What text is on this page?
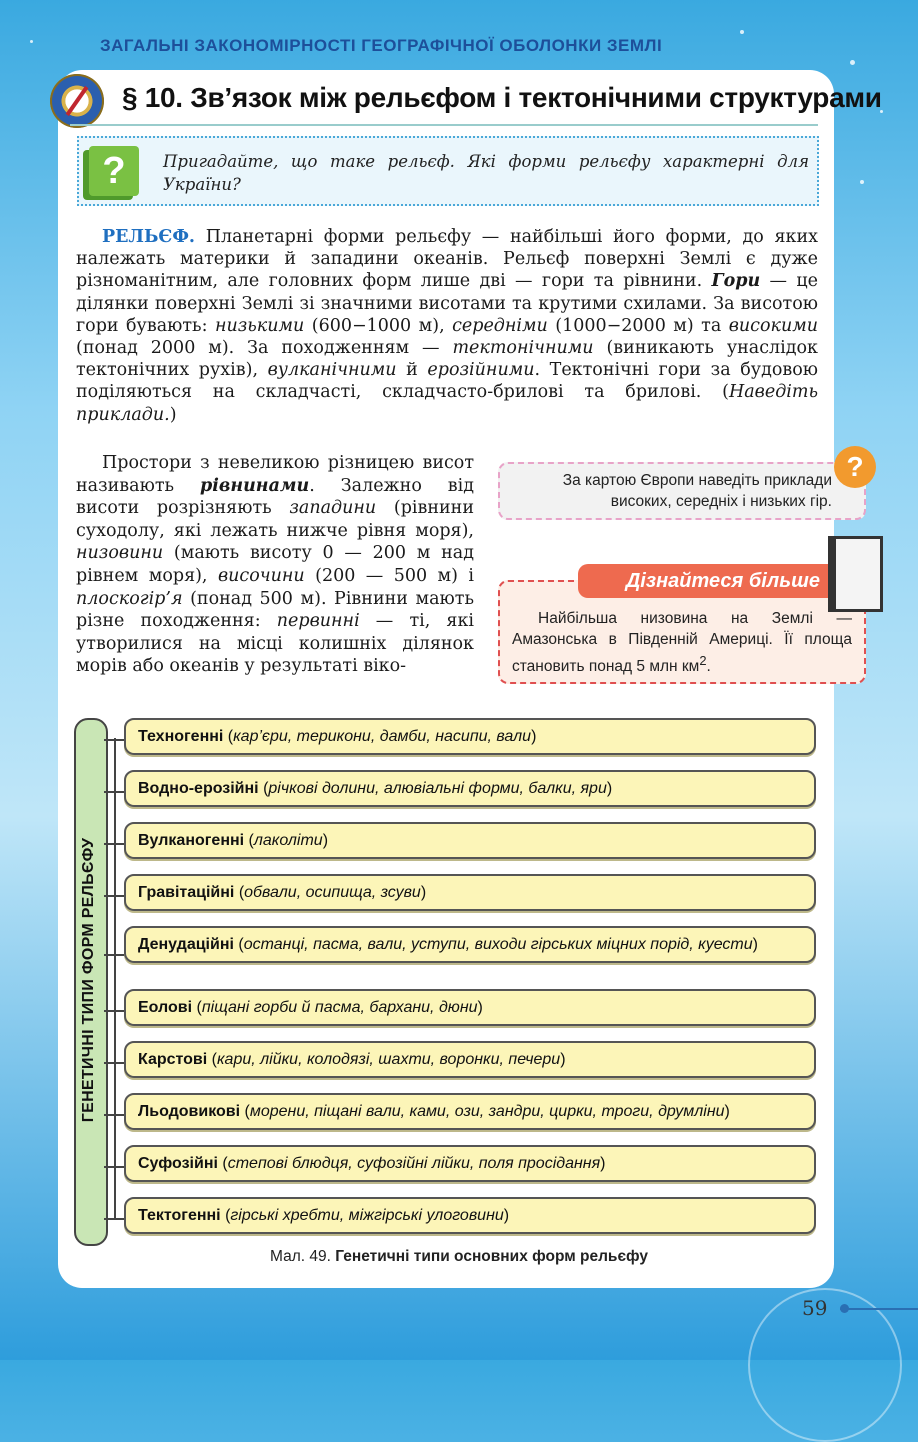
ЗАГАЛЬНІ ЗАКОНОМІРНОСТІ ГЕОГРАФІЧНОЇ ОБОЛОНКИ ЗЕМЛІ
§ 10. Зв’язок між рельєфом і тектонічними структурами
?	Пригадайте, що таке рельєф. Які форми рельєфу характерні для України?

РЕЛЬЄФ. Планетарні форми рельєфу — найбільші його форми, до яких належать материки й западини океанів. Рельєф поверхні Землі є дуже різноманітним, але головних форм лише дві — гори та рівнини. Гори — це ділянки поверхні Землі зі значними висотами та крутими схилами. За висотою гори бувають: низькими (600−1000 м), середніми (1000−2000 м) та високими (понад 2000 м). За походженням — тектонічними (виникають унаслідок тектонічних рухів), вулканічними й ерозійними. Тектонічні гори за будовою поділяються на складчасті, складчасто-брилові та брилові. (Наведіть приклади.)

Простори з невеликою різницею висот називають рівнинами. Залежно від висоти розрізняють западини (рівнини суходолу, які лежать нижче рівня моря), низовини (мають висоту 0 — 200 м над рівнем моря), височини (200 — 500 м) і плоскогір’я (понад 500 м). Рівнини мають різне походження: первинні — ті, які утворилися на місці колишніх ділянок морів або океанів у результаті віко-

За картою Європи наведіть приклади високих, середніх і низьких гір.
?
Дізнайтеся більше
Найбільша низовина на Землі — Амазонська в Південній Америці. Її площа становить понад 5 млн $км^2$.
ГЕНЕТИЧНІ ТИПИ ФОРМ РЕЛЬЄФУ
Техногенні (кар’єри, терикони, дамби, насипи, вали)
Водно-ерозійні (річкові долини, алювіальні форми, балки, яри)
Вулканогенні (лаколіти)
Гравітаційні (обвали, осипища, зсуви)
Денудаційні (останці, пасма, вали, уступи, виходи гірських міцних порід, куести)
Еолові (піщані горби й пасма, бархани, дюни)
Карстові (кари, лійки, колодязі, шахти, воронки, печери)
Льодовикові (морени, піщані вали, ками, ози, зандри, цирки, троги, друмліни)
Суфозійні (степові блюдця, суфозійні лійки, поля просідання)
Тектогенні (гірські хребти, міжгірські улоговини)
Мал. 49. Генетичні типи основних форм рельєфу
59
